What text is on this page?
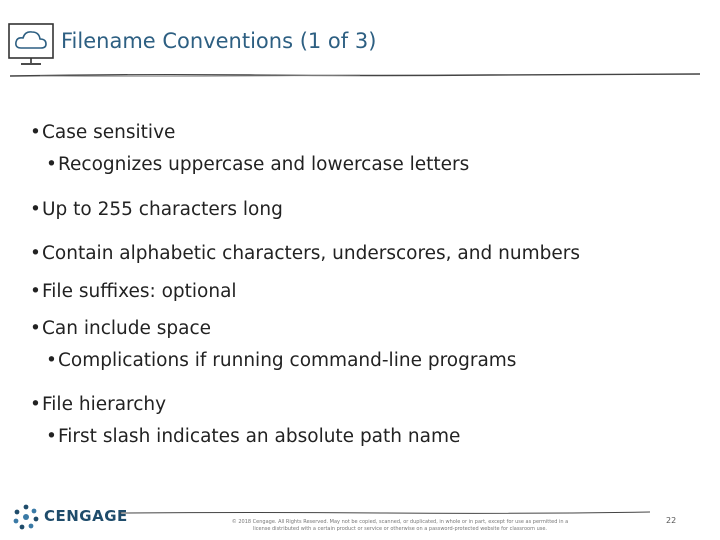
Filename Conventions (1 of 3)
•Case sensitive
•Recognizes uppercase and lowercase letters
•Up to 255 characters long
•Contain alphabetic characters, underscores, and numbers
•File suffixes: optional
•Can include space
•Complications if running command-line programs
•File hierarchy
•First slash indicates an absolute path name
CENGAGE	© 2018 Cengage. All Rights Reserved. May not be copied, scanned, or duplicated, in whole or in part, except for use as permitted in a
license distributed with a certain product or service or otherwise on a password-protected website for classroom use.
22
